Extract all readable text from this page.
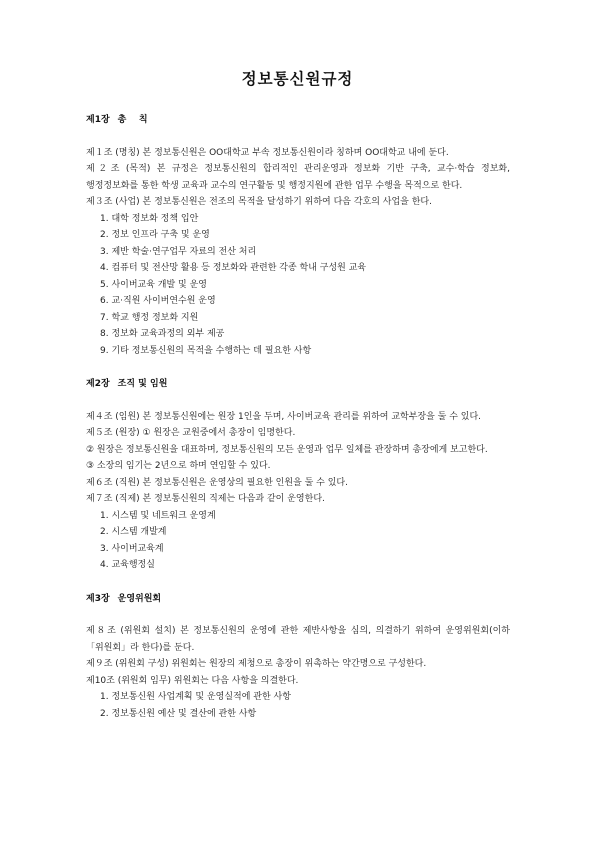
정보통신원규정
제1장 총    칙
제１조 (명칭) 본 정보통신원은 OO대학교 부속 정보통신원이라 칭하며 OO대학교 내에 둔다.
제２조 (목적) 본 규정은 정보통신원의 합리적인 관리운영과 정보화 기반 구축, 교수·학습 정보화, 행정정보화를 통한 학생 교육과 교수의 연구활동 및 행정지원에 관한 업무 수행을 목적으로 한다.
제３조 (사업) 본 정보통신원은 전조의 목적을 달성하기 위하여 다음 각호의 사업을 한다.
1. 대학 정보화 정책 입안
2. 정보 인프라 구축 및 운영
3. 제반 학술·연구업무 자료의 전산 처리
4. 컴퓨터 및 전산망 활용 등 정보화와 관련한 각종 학내 구성원 교육
5. 사이버교육 개발 및 운영
6. 교·직원 사이버연수원 운영
7. 학교 행정 정보화 지원
8. 정보화 교육과정의 외부 제공
9. 기타 정보통신원의 목적을 수행하는 데 필요한 사항
제2장 조직 및 임원
제４조 (임원) 본 정보통신원에는 원장 1인을 두며, 사이버교육 관리를 위하여 교학부장을 둘 수 있다.
제５조 (원장) ① 원장은 교원중에서 총장이 임명한다.
② 원장은 정보통신원을 대표하며, 정보통신원의 모든 운영과 업무 일체를 관장하며 총장에게 보고한다.
③ 소장의 임기는 2년으로 하며 연임할 수 있다.
제６조 (직원) 본 정보통신원은 운영상의 필요한 인원을 둘 수 있다.
제７조 (직제) 본 정보통신원의 직제는 다음과 같이 운영한다.
1. 시스템 및 네트워크 운영계
2. 시스템 개발계
3. 사이버교육계
4. 교육행정실
제3장 운영위원회
제８조 (위원회 설치) 본 정보통신원의 운영에 관한 제반사항을 심의, 의결하기 위하여 운영위원회(이하 「위원회」라 한다)를 둔다.
제９조 (위원회 구성) 위원회는 원장의 제청으로 총장이 위촉하는 약간명으로 구성한다.
제10조 (위원회 임무) 위원회는 다음 사항을 의결한다.
1. 정보통신원 사업계획 및 운영실적에 관한 사항
2. 정보통신원 예산 및 결산에 관한 사항
